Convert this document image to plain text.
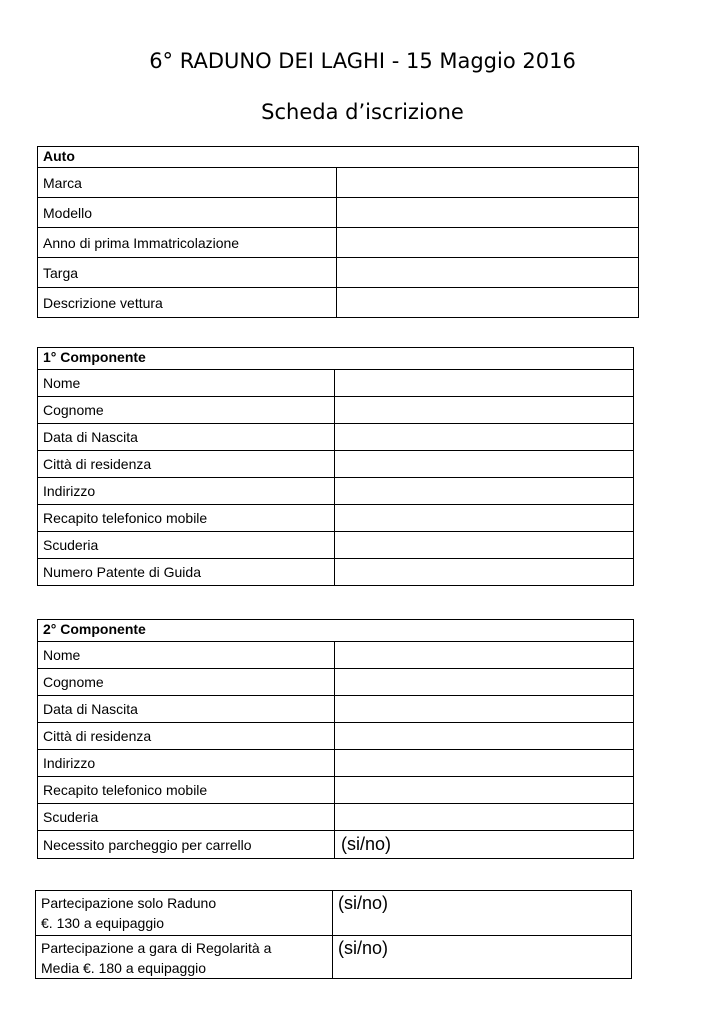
6° RADUNO DEI LAGHI - 15 Maggio 2016
Scheda d’iscrizione
Auto	
Marca	
Modello	
Anno di prima Immatricolazione	
Targa	
Descrizione vettura	
1° Componente	
Nome	
Cognome	
Data di Nascita	
Città di residenza	
Indirizzo	
Recapito telefonico mobile	
Scuderia	
Numero Patente di Guida	
2° Componente	
Nome	
Cognome	
Data di Nascita	
Città di residenza	
Indirizzo	
Recapito telefonico mobile	
Scuderia	
Necessito parcheggio per carrello	(si/no)
Partecipazione solo Raduno
€. 130 a equipaggio	(si/no)
Partecipazione a gara di Regolarità a
Media €. 180 a equipaggio	(si/no)
